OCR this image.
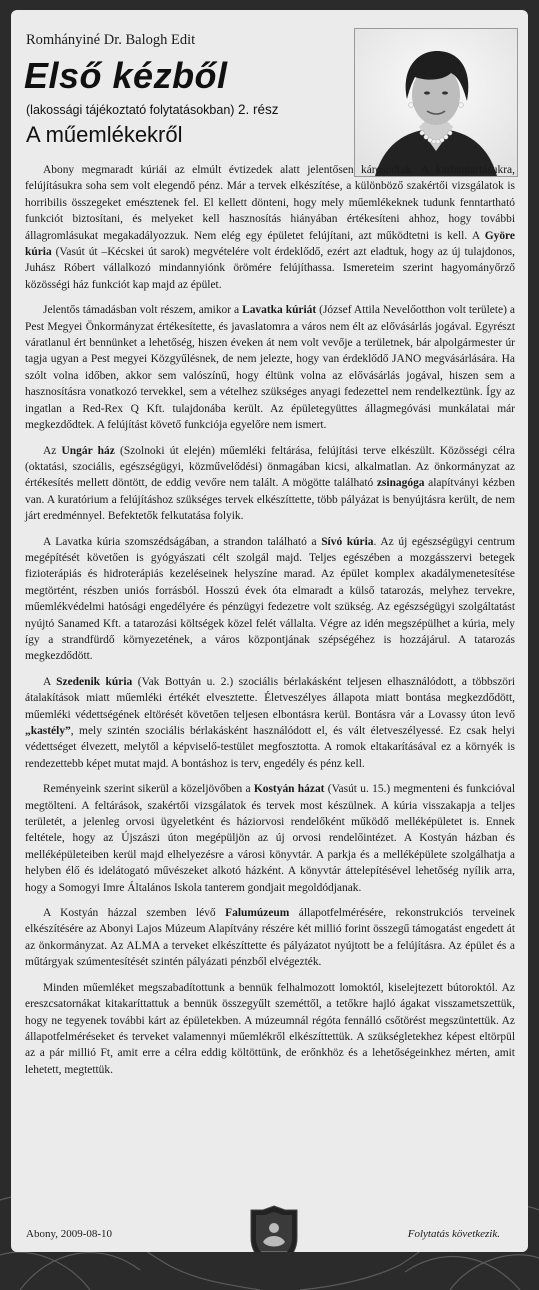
Romhányiné Dr. Balogh Edit
Első kézből
(lakossági tájékoztató folytatásokban) 2. rész
A műemlékekről

Abony megmaradt kúriái az elmúlt évtizedek alatt jelentősen károsodtak. A karbantartásukra, felújításukra soha sem volt elegendő pénz. Már a tervek elkészítése, a különböző szakértői vizsgálatok is horribilis összegeket emésztenek fel. El kellett dönteni, hogy mely műemlékeknek tudunk fenntartható funkciót biztosítani, és melyeket kell hasznosítás hiányában értékesíteni ahhoz, hogy további állagromlásukat megakadályozzuk. Nem elég egy épületet felújítani, azt működtetni is kell. A Györe kúria (Vasút út –Kécskei út sarok) megvételére volt érdeklődő, ezért azt eladtuk, hogy az új tulajdonos, Juhász Róbert vállalkozó mindannyiónk örömére felújíthassa. Ismereteim szerint hagyományőrző közösségi ház funkciót kap majd az épület.

Jelentős támadásban volt részem, amikor a Lavatka kúriát (József Attila Nevelőotthon volt területe) a Pest Megyei Önkormányzat értékesítette, és javaslatomra a város nem élt az elővásárlás jogával. Egyrészt váratlanul ért bennünket a lehetőség, hiszen éveken át nem volt vevője a területnek, bár alpolgármester úr tagja ugyan a Pest megyei Közgyűlésnek, de nem jelezte, hogy van érdeklődő JANO megvásárlására. Ha szólt volna időben, akkor sem valószínű, hogy éltünk volna az elővásárlás jogával, hiszen sem a hasznosításra vonatkozó tervekkel, sem a vételhez szükséges anyagi fedezettel nem rendelkeztünk. Így az ingatlan a Red-Rex Q Kft. tulajdonába került. Az épületegyüttes állagmegóvási munkálatai már megkezdődtek. A felújítást követő funkciója egyelőre nem ismert.

Az Ungár ház (Szolnoki út elején) műemléki feltárása, felújítási terve elkészült. Közösségi célra (oktatási, szociális, egészségügyi, közművelődési) önmagában kicsi, alkalmatlan. Az önkormányzat az értékesítés mellett döntött, de eddig vevőre nem talált. A mögötte található zsinagóga alapítványi kézben van. A kuratórium a felújításhoz szükséges tervek elkészíttette, több pályázat is benyújtásra került, de nem járt eredménnyel. Befektetők felkutatása folyik.

A Lavatka kúria szomszédságában, a strandon található a Sívó kúria. Az új egészségügyi centrum megépítését követően is gyógyászati célt szolgál majd. Teljes egészében a mozgásszervi betegek fizioterápiás és hidroterápiás kezeléseinek helyszíne marad. Az épület komplex akadálymenetesítése megtörtént, részben uniós forrásból. Hosszú évek óta elmaradt a külső tatarozás, melyhez tervekre, műemlékvédelmi hatósági engedélyére és pénzügyi fedezetre volt szükség. Az egészségügyi szolgáltatást nyújtó Sanamed Kft. a tatarozási költségek közel felét vállalta. Végre az idén megszépülhet a kúria, mely így a strandfürdő környezetének, a város központjának szépségéhez is hozzájárul. A tatarozás megkezdődött.

A Szedenik kúria (Vak Bottyán u. 2.) szociális bérlakásként teljesen elhasználódott, a többszöri átalakítások miatt műemléki értékét elvesztette. Életveszélyes állapota miatt bontása megkezdődött, műemléki védettségének eltörését követően teljesen elbontásra kerül. Bontásra vár a Lovassy úton levő „kastély”, mely szintén szociális bérlakásként használódott el, és vált életveszélyessé. Ez csak helyi védettséget élvezett, melytől a képviselő-testület megfosztotta. A romok eltakarításával ez a környék is rendezettebb képet mutat majd. A bontáshoz is terv, engedély és pénz kell.

Reményeink szerint sikerül a közeljövőben a Kostyán házat (Vasút u. 15.) megmenteni és funkcióval megtölteni. A feltárások, szakértői vizsgálatok és tervek most készülnek. A kúria visszakapja a teljes területét, a jelenleg orvosi ügyeletként és háziorvosi rendelőként működő melléképületet is. Ennek feltétele, hogy az Újszászi úton megépüljön az új orvosi rendelőintézet. A Kostyán házban és melléképületeiben kerül majd elhelyezésre a városi könyvtár. A parkja és a melléképülete szolgálhatja a helyben élő és idelátogató művészeket alkotó házként. A könyvtár áttelepítésével lehetőség nyílik arra, hogy a Somogyi Imre Általános Iskola tanterem gondjait megoldódjanak.

A Kostyán házzal szemben lévő Falumúzeum állapotfelmérésére, rekonstrukciós terveinek elkészítésére az Abonyi Lajos Múzeum Alapítvány részére két millió forint összegű támogatást engedett át az önkormányzat. Az ALMA a terveket elkészíttette és pályázatot nyújtott be a felújításra. Az épület és a műtárgyak szúmentesítését szintén pályázati pénzből elvégezték.

Minden műemléket megszabadítottunk a bennük felhalmozott lomoktól, kiselejtezett bútoroktól. Az ereszcsatornákat kitakaríttattuk a bennük összegyűlt szeméttől, a tetőkre hajló ágakat visszametszettük, hogy ne tegyenek további kárt az épületekben. A múzeumnál régóta fennálló csőtörést megszüntettük. Az állapotfelméréseket és terveket valamennyi műemlékről elkészíttettük. A szükségletekhez képest eltörpül az a pár millió Ft, amit erre a célra eddig költöttünk, de erőnkhöz és a lehetőségeinkhez mérten, amit lehetett, megtettük.

Abony, 2009-08-10	Folytatás következik.
